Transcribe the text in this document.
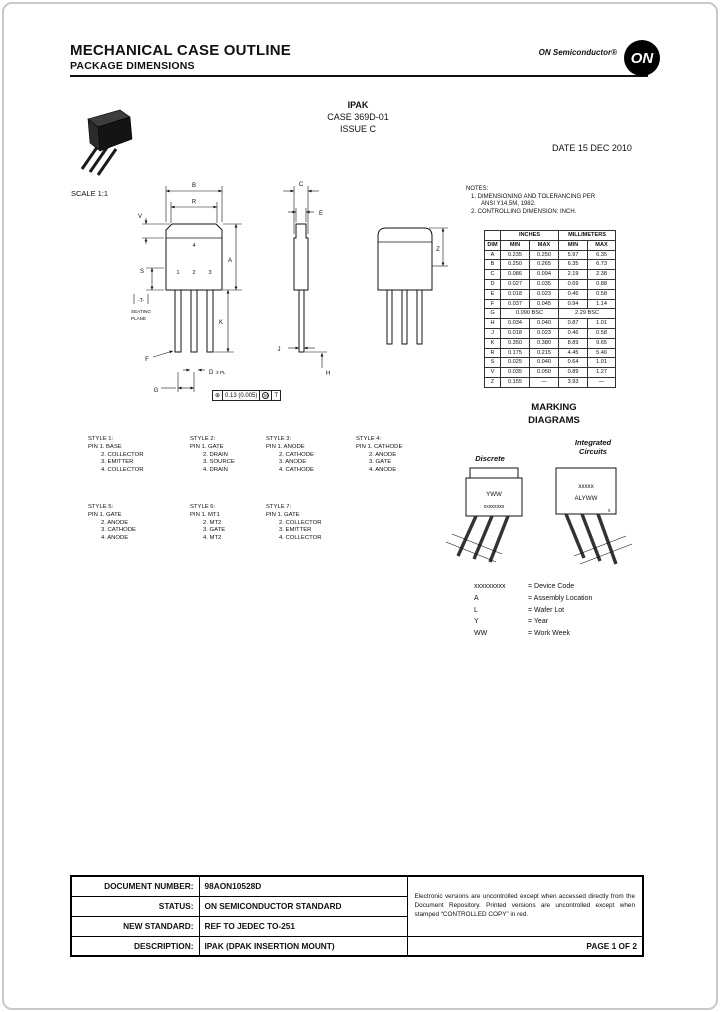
MECHANICAL CASE OUTLINE
PACKAGE DIMENSIONS
ON Semiconductor® ON
IPAK
CASE 369D-01
ISSUE C
DATE 15 DEC 2010
SCALE 1:1
B
R
V
A
S
K
F
D 3 PL
G
-T-
SEATING
PLANE
1 2 3
4
C
E
J
H
Z
⊕ 0.13 (0.005)	M	T
NOTES:
1. DIMENSIONING AND TOLERANCING PER
ANSI Y14.5M, 1982.
2. CONTROLLING DIMENSION: INCH.
	INCHES		MILLIMETERS	
DIM	MIN	MAX	MIN	MAX
A	0.235	0.250	5.97	6.35
B	0.250	0.265	6.35	6.73
C	0.086	0.094	2.19	2.38
D	0.027	0.035	0.69	0.88
E	0.018	0.023	0.46	0.58
F	0.037	0.045	0.94	1.14
G	0.090 BSC		2.29 BSC	
H	0.034	0.040	0.87	1.01
J	0.018	0.023	0.46	0.58
K	0.350	0.380	8.89	9.65
R	0.175	0.215	4.45	5.46
S	0.025	0.040	0.64	1.01
V	0.035	0.050	0.89	1.27
Z	0.155	—	3.93	—
STYLE 1:
PIN 1. BASE
2. COLLECTOR
3. EMITTER
4. COLLECTOR
STYLE 2:
PIN 1. GATE
2. DRAIN
3. SOURCE
4. DRAIN
STYLE 3:
PIN 1. ANODE
2. CATHODE
3. ANODE
4. CATHODE
STYLE 4:
PIN 1. CATHODE
2. ANODE
3. GATE
4. ANODE
STYLE 5:
PIN 1. GATE
2. ANODE
3. CATHODE
4. ANODE
STYLE 6:
PIN 1. MT1
2. MT2
3. GATE
4. MT2
STYLE 7:
PIN 1. GATE
2. COLLECTOR
3. EMITTER
4. COLLECTOR
MARKING
DIAGRAMS
Discrete
Integrated
Circuits
YWW
xxxxxxxx
xxxxx
ALYWW
x
xxxxxxxxx	= Device Code
A	= Assembly Location
L	= Wafer Lot
Y	= Year
WW	= Work Week
DOCUMENT NUMBER:	98AON10528D	Electronic versions are uncontrolled except when accessed directly from the Document Repository. Printed versions are uncontrolled except when stamped “CONTROLLED COPY” in red.
STATUS:	ON SEMICONDUCTOR STANDARD	
NEW STANDARD:	REF TO JEDEC TO-251	
DESCRIPTION:	IPAK (DPAK INSERTION MOUNT)	PAGE 1 OF 2
